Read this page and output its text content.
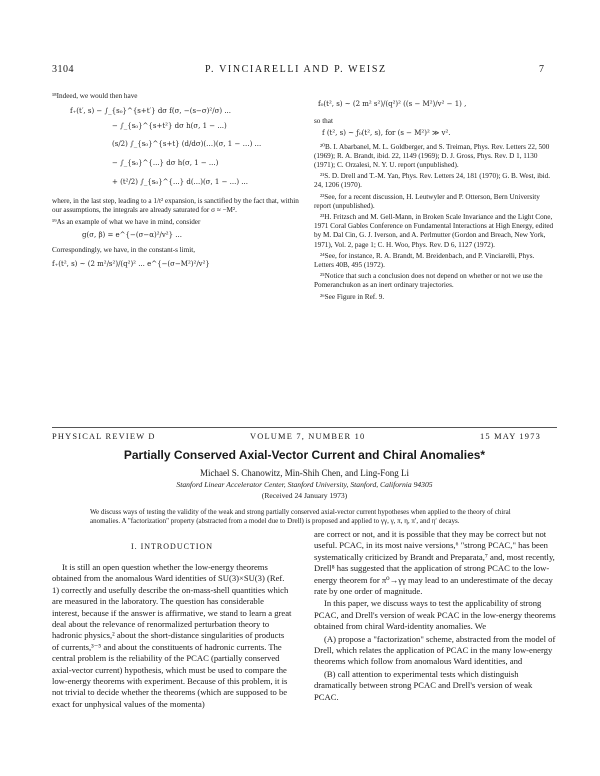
3104	P. VINCIARELLI AND P. WEISZ	7

¹⁸Indeed, we would then have

f₊(t′, s) − ∫_{s₀}^{s+t′} dσ f(σ, −(s−σ)²/σ) ...
− ∫_{s₀}^{s+t²} dσ h(σ, 1 − ...)
(s/2) ∫_{s₀}^{s+t} (d/dσ)(…)(σ, 1 − …) ...
− ∫_{s₀}^{...} dσ h(σ, 1 − ...)
+ (t²/2) ∫_{s₀}^{...} d(...)(σ, 1 − ...) ...

where, in the last step, leading to a 1/t² expansion, is sanctified by the fact that, within our assumptions, the integrals are already saturated for σ ≈ −M².

¹⁹As an example of what we have in mind, consider

g(σ, β) = e^{−(σ−α)²/v²} ...

Correspondingly, we have, in the constant-s limit,

f₊(t², s) ~ (2 m²/s²)/(q²)² ... e^{−(σ−M²)²/v²}
f₀(t², s) ~ (2 m² s²)/(q²)² ((s − M²)/v² − 1) ,

so that

f (t², s) ~ ƒ₀(t², s), for (s − M²)² ≫ v².

²⁰B. I. Abarbanel, M. L. Goldberger, and S. Treiman, Phys. Rev. Letters 22, 500 (1969); R. A. Brandt, ibid. 22, 1149 (1969); D. J. Gross, Phys. Rev. D 1, 1130 (1971); C. Orzalesi, N. Y. U. report (unpublished).

²¹S. D. Drell and T.-M. Yan, Phys. Rev. Letters 24, 181 (1970); G. B. West, ibid. 24, 1206 (1970).

²²See, for a recent discussion, H. Leutwyler and P. Otterson, Bern University report (unpublished).

²³H. Fritzsch and M. Gell-Mann, in Broken Scale Invariance and the Light Cone, 1971 Coral Gables Conference on Fundamental Interactions at High Energy, edited by M. Dal Cin, G. J. Iverson, and A. Perlmutter (Gordon and Breach, New York, 1971), Vol. 2, page 1; C. H. Woo, Phys. Rev. D 6, 1127 (1972).

²⁴See, for instance, R. A. Brandt, M. Breidenbach, and P. Vinciarelli, Phys. Letters 40B, 495 (1972).

²⁵Notice that such a conclusion does not depend on whether or not we use the Pomeranchukon as an inert ordinary trajectories.

²⁶See Figure in Ref. 9.

PHYSICAL REVIEW D	VOLUME 7, NUMBER 10	15 MAY 1973
Partially Conserved Axial-Vector Current and Chiral Anomalies*
Michael S. Chanowitz, Min-Shih Chen, and Ling-Fong Li
Stanford Linear Accelerator Center, Stanford University, Stanford, California 94305
(Received 24 January 1973)
We discuss ways of testing the validity of the weak and strong partially conserved axial-vector current hypotheses when applied to the theory of chiral anomalies. A "factorization" property (abstracted from a model due to Drell) is proposed and applied to γγ, γ, π, η, π′, and ηʹ decays.
I. INTRODUCTION

It is still an open question whether the low-energy theorems obtained from the anomalous Ward identities of SU(3)×SU(3) (Ref. 1) correctly and usefully describe the on-mass-shell quantities which are measured in the laboratory. The question has considerable interest, because if the answer is affirmative, we stand to learn a great deal about the relevance of renormalized perturbation theory to hadronic physics,² about the short-distance singularities of products of currents,³⁻⁵ and about the constituents of hadronic currents. The central problem is the reliability of the PCAC (partially conserved axial-vector current) hypothesis, which must be used to compare the low-energy theorems with experiment. Because of this problem, it is not trivial to decide whether the theorems (which are supposed to be exact for unphysical values of the momenta)

are correct or not, and it is possible that they may be correct but not useful. PCAC, in its most naive versions,⁶ "strong PCAC," has been systematically criticized by Brandt and Preparata,⁷ and, most recently, Drell⁸ has suggested that the application of strong PCAC to the low-energy theorem for π⁰→γγ may lead to an underestimate of the decay rate by one order of magnitude.

In this paper, we discuss ways to test the applicability of strong PCAC, and Drell's version of weak PCAC in the low-energy theorems obtained from chiral Ward-identity anomalies. We

(A) propose a "factorization" scheme, abstracted from the model of Drell, which relates the application of PCAC in the many low-energy theorems which follow from anomalous Ward identities, and

(B) call attention to experimental tests which distinguish dramatically between strong PCAC and Drell's version of weak PCAC.
